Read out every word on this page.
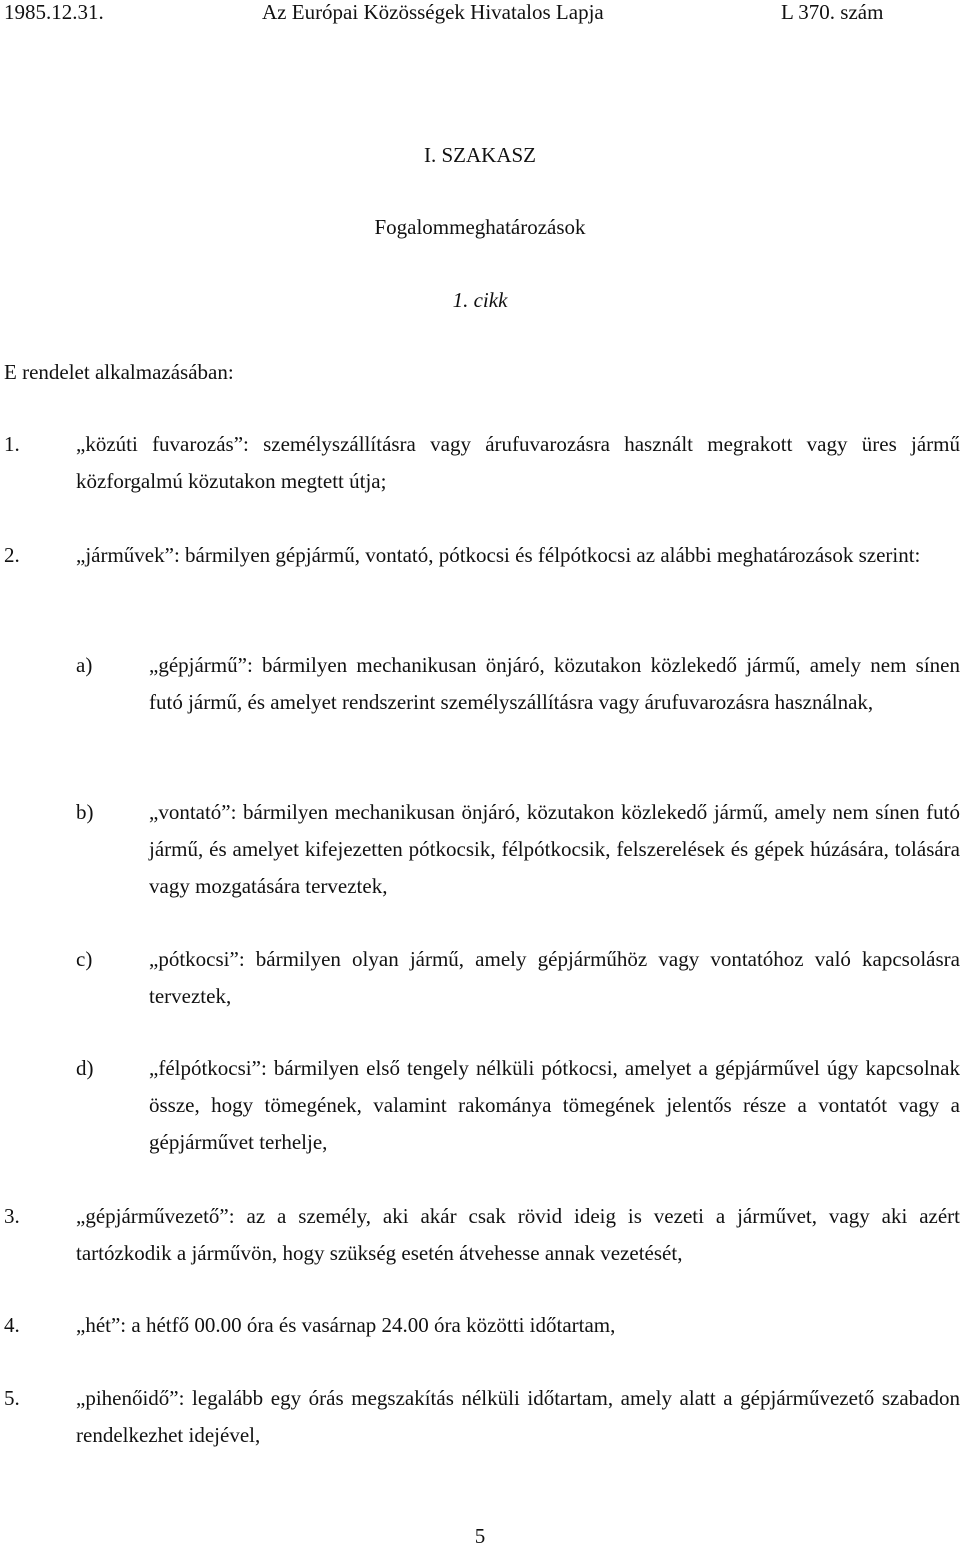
1985.12.31.	Az Európai Közösségek Hivatalos Lapja	L 370. szám
I. SZAKASZ
Fogalommeghatározások
1. cikk
E rendelet alkalmazásában:
1.	„közúti fuvarozás”: személyszállításra vagy árufuvarozásra használt megrakott vagy üres jármű közforgalmú közutakon megtett útja;
2.	„járművek”: bármilyen gépjármű, vontató, pótkocsi és félpótkocsi az alábbi meghatározások szerint:
a)	„gépjármű”: bármilyen mechanikusan önjáró, közutakon közlekedő jármű, amely nem sínen futó jármű, és amelyet rendszerint személyszállításra vagy árufuvarozásra használnak,
b)	„vontató”: bármilyen mechanikusan önjáró, közutakon közlekedő jármű, amely nem sínen futó jármű, és amelyet kifejezetten pótkocsik, félpótkocsik, felszerelések és gépek húzására, tolására vagy mozgatására terveztek,
c)	„pótkocsi”: bármilyen olyan jármű, amely gépjárműhöz vagy vontatóhoz való kapcsolásra terveztek,
d)	„félpótkocsi”: bármilyen első tengely nélküli pótkocsi, amelyet a gépjárművel úgy kapcsolnak össze, hogy tömegének, valamint rakománya tömegének jelentős része a vontatót vagy a gépjárművet terhelje,
3.	„gépjárművezető”: az a személy, aki akár csak rövid ideig is vezeti a járművet, vagy aki azért tartózkodik a járművön, hogy szükség esetén átvehesse annak vezetését,
4.	„hét”: a hétfő 00.00 óra és vasárnap 24.00 óra közötti időtartam,
5.	„pihenőidő”: legalább egy órás megszakítás nélküli időtartam, amely alatt a gépjárművezető szabadon rendelkezhet idejével,
5
